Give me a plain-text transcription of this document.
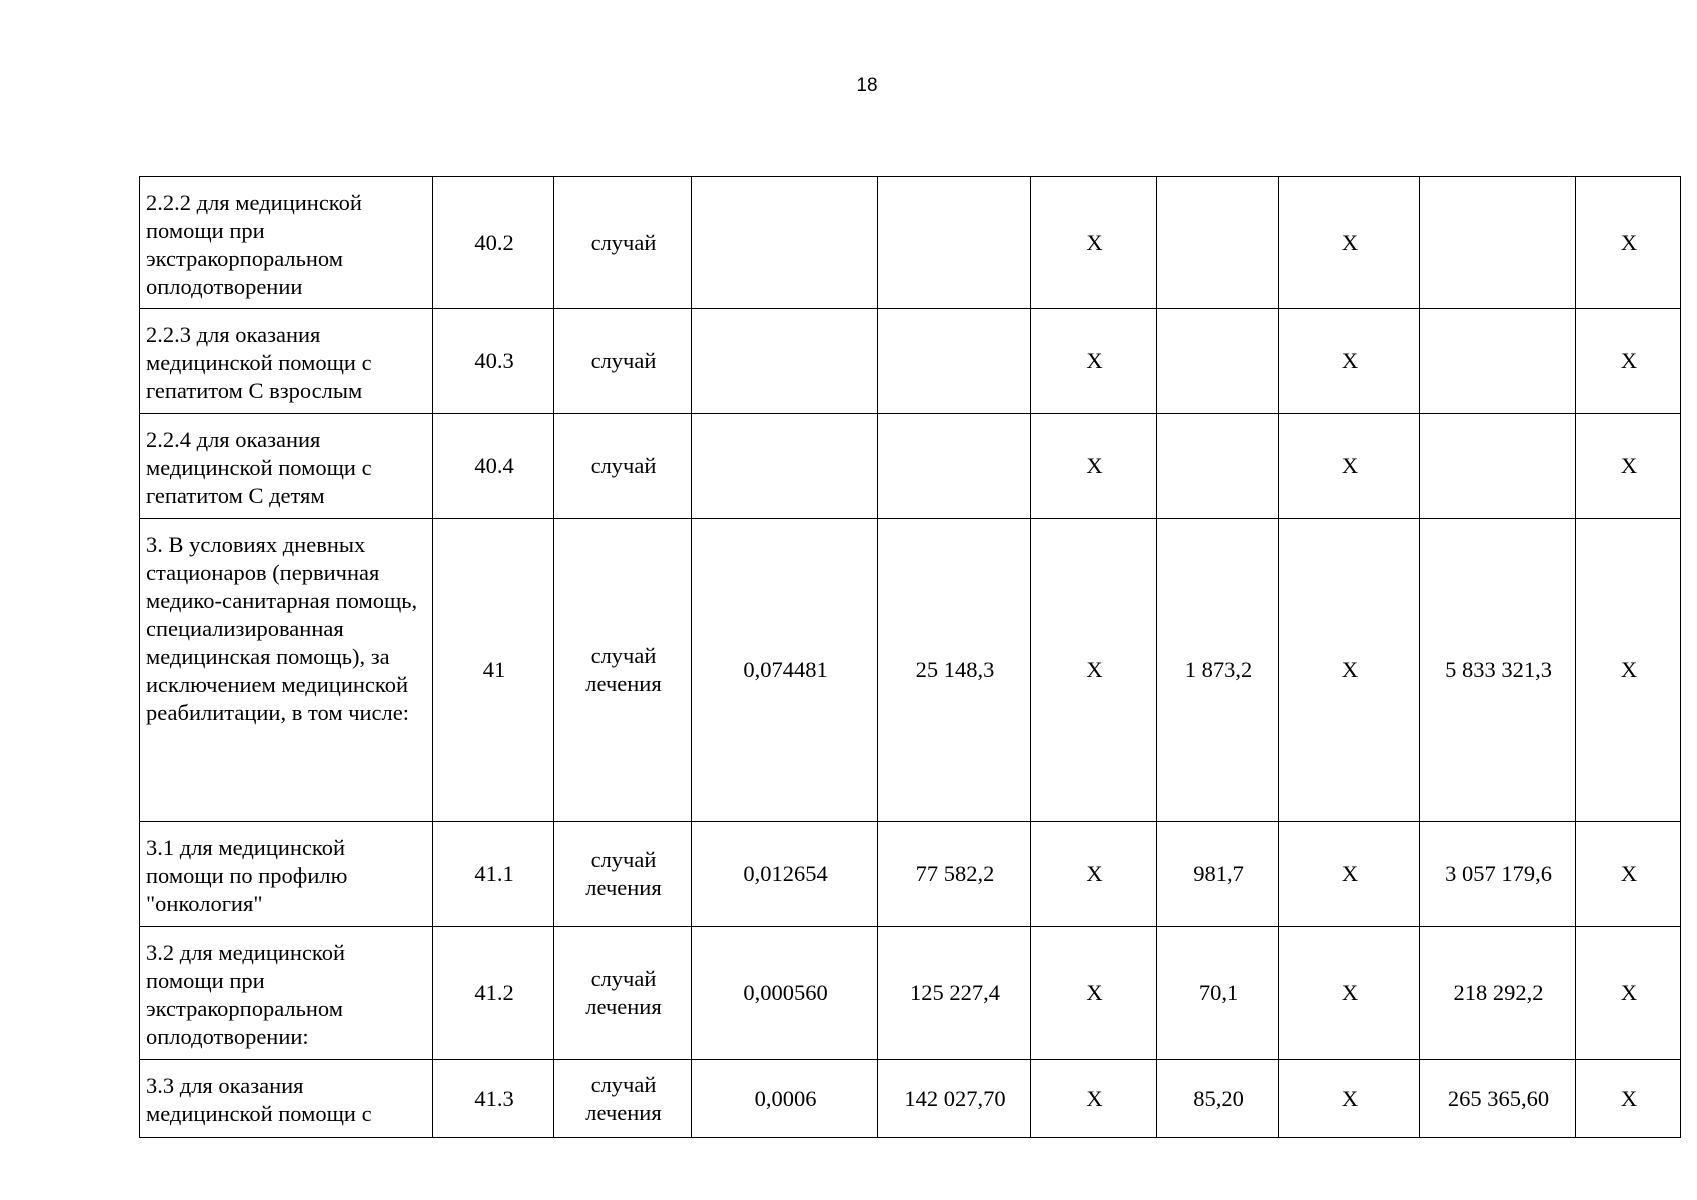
18
2.2.2 для медицинской помощи при экстракорпоральном оплодотворении	40.2	случай			X		X		X
2.2.3 для оказания медицинской помощи с гепатитом С взрослым	40.3	случай			X		X		X
2.2.4 для оказания медицинской помощи с гепатитом С детям	40.4	случай			X		X		X
3. В условиях дневных стационаров (первичная медико-санитарная помощь, специализированная медицинская помощь), за исключением медицинской реабилитации, в том числе:	41	случай лечения	0,074481	25 148,3	X	1 873,2	X	5 833 321,3	X
3.1 для медицинской помощи по профилю "онкология"	41.1	случай лечения	0,012654	77 582,2	X	981,7	X	3 057 179,6	X
3.2 для медицинской помощи при экстракорпоральном оплодотворении:	41.2	случай лечения	0,000560	125 227,4	X	70,1	X	218 292,2	X
3.3 для оказания медицинской помощи с	41.3	случай лечения	0,0006	142 027,70	X	85,20	X	265 365,60	X
